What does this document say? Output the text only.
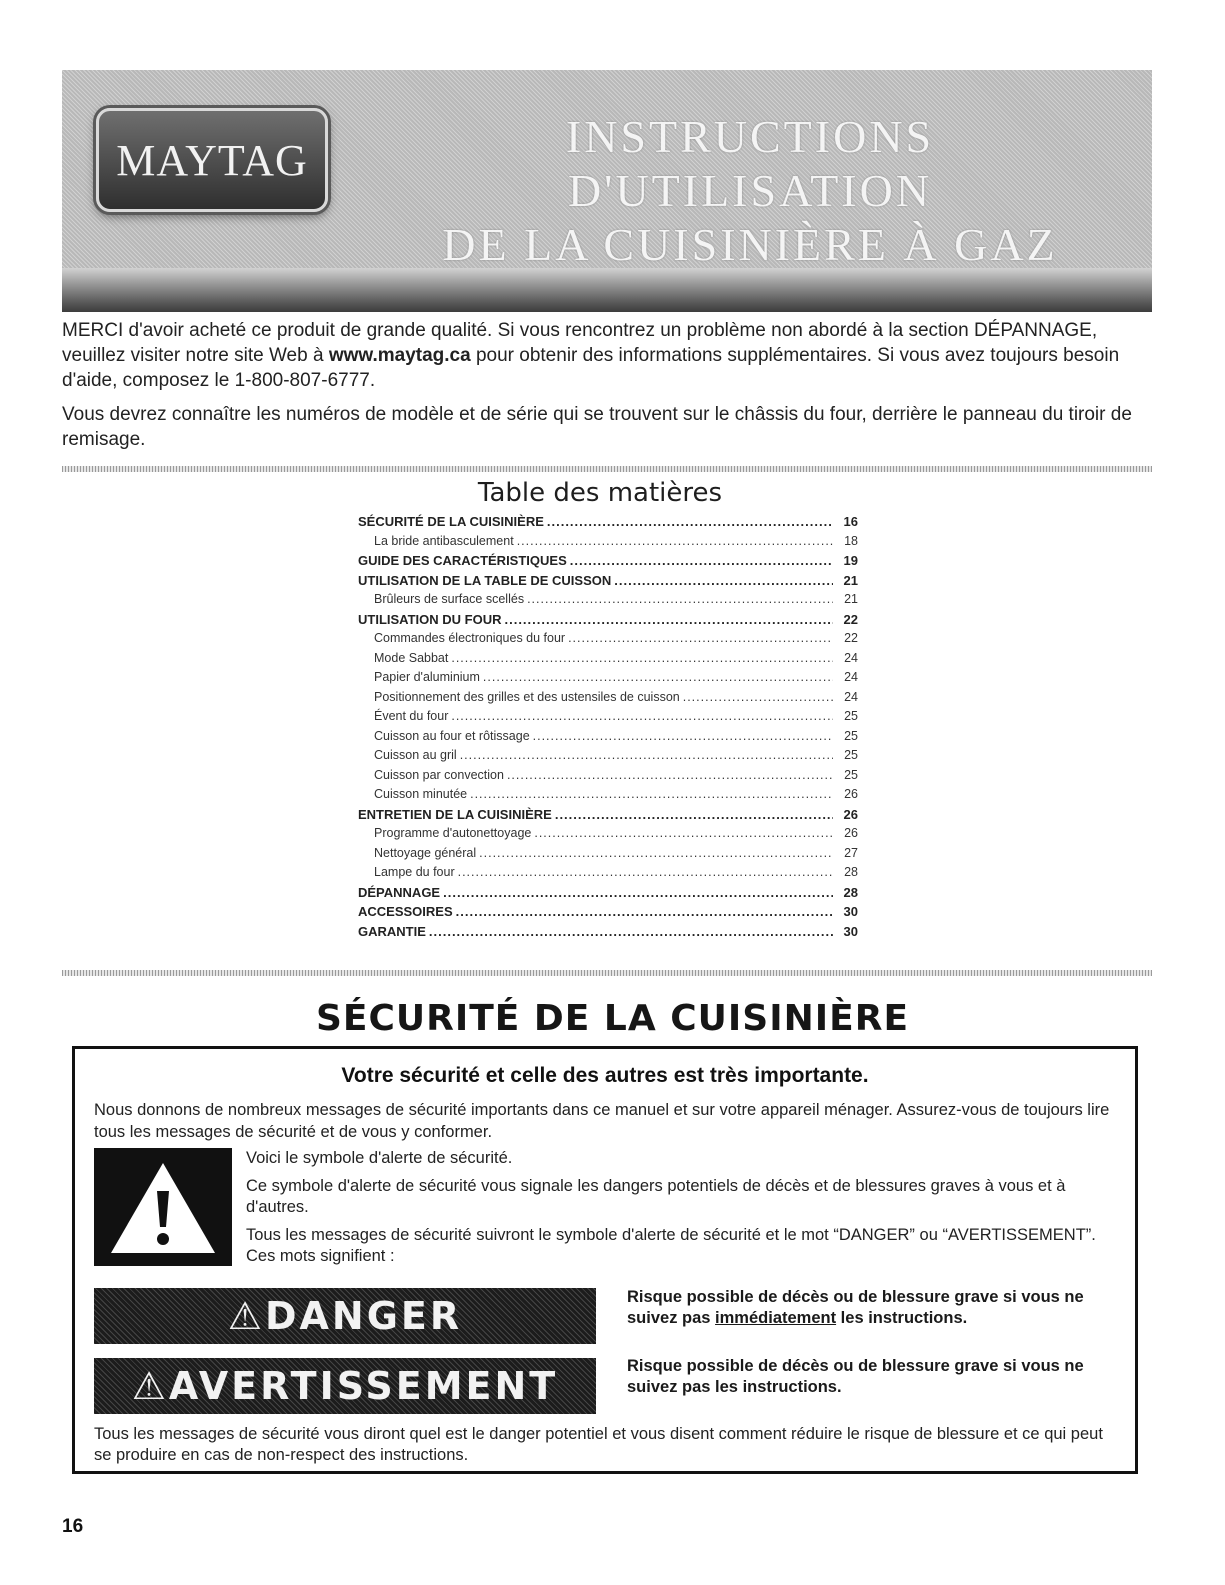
MAYTAG	INSTRUCTIONS D'UTILISATION
DE LA CUISINIÈRE À GAZ

MERCI d'avoir acheté ce produit de grande qualité. Si vous rencontrez un problème non abordé à la section DÉPANNAGE, veuillez visiter notre site Web à www.maytag.ca pour obtenir des informations supplémentaires. Si vous avez toujours besoin d'aide, composez le 1-800-807-6777.

Vous devrez connaître les numéros de modèle et de série qui se trouvent sur le châssis du four, derrière le panneau du tiroir de remisage.

Table des matières
SÉCURITÉ DE LA CUISINIÈRE .....	16
La bride antibasculement .....	18
GUIDE DES CARACTÉRISTIQUES .....	19
UTILISATION DE LA TABLE DE CUISSON .....	21
Brûleurs de surface scellés .....	21
UTILISATION DU FOUR .....	22
Commandes électroniques du four .....	22
Mode Sabbat .....	24
Papier d'aluminium .....	24
Positionnement des grilles et des ustensiles de cuisson .....	24
Évent du four .....	25
Cuisson au four et rôtissage .....	25
Cuisson au gril .....	25
Cuisson par convection .....	25
Cuisson minutée .....	26
ENTRETIEN DE LA CUISINIÈRE .....	26
Programme d'autonettoyage .....	26
Nettoyage général .....	27
Lampe du four .....	28
DÉPANNAGE .....	28
ACCESSOIRES .....	30
GARANTIE .....	30
SÉCURITÉ DE LA CUISINIÈRE
Votre sécurité et celle des autres est très importante.
Nous donnons de nombreux messages de sécurité importants dans ce manuel et sur votre appareil ménager. Assurez-vous de toujours lire tous les messages de sécurité et de vous y conformer.

Voici le symbole d'alerte de sécurité.

Ce symbole d'alerte de sécurité vous signale les dangers potentiels de décès et de blessures graves à vous et à d'autres.

Tous les messages de sécurité suivront le symbole d'alerte de sécurité et le mot “DANGER” ou “AVERTISSEMENT”. Ces mots signifient :

⚠DANGER	Risque possible de décès ou de blessure grave si vous ne suivez pas immédiatement les instructions.
⚠AVERTISSEMENT	Risque possible de décès ou de blessure grave si vous ne suivez pas les instructions.
Tous les messages de sécurité vous diront quel est le danger potentiel et vous disent comment réduire le risque de blessure et ce qui peut se produire en cas de non-respect des instructions.
16
